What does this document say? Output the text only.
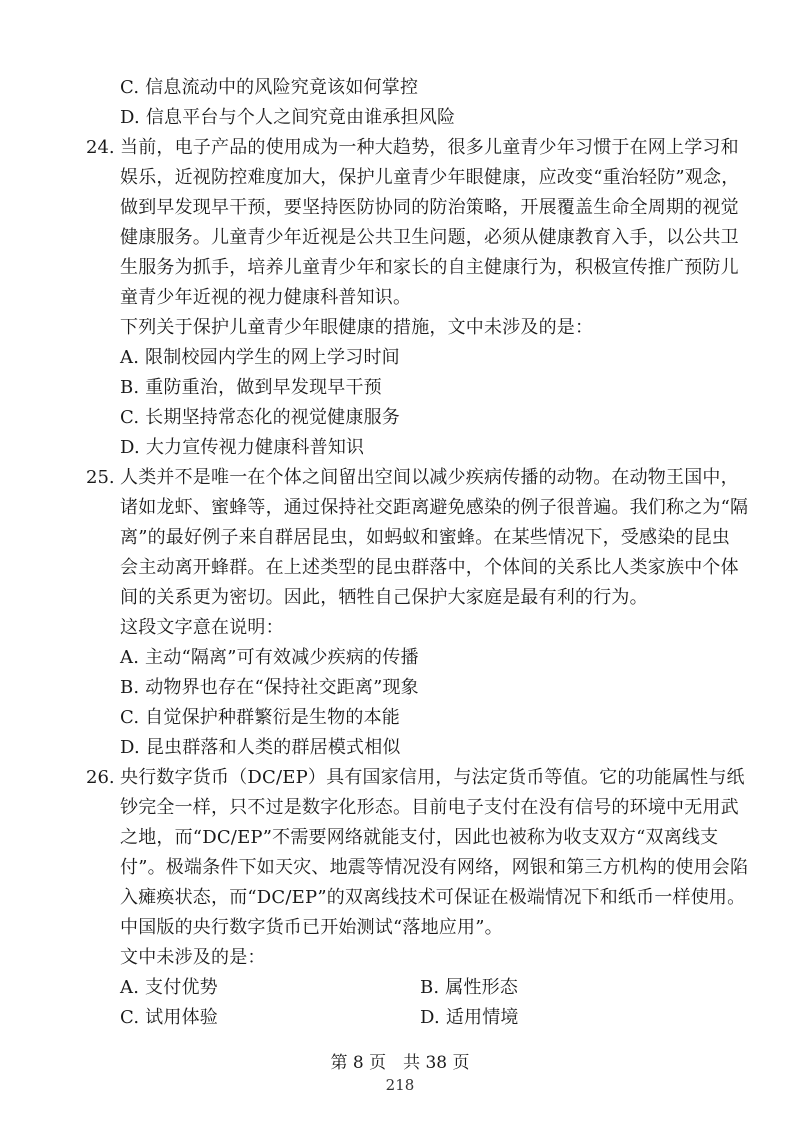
C. 信息流动中的风险究竟该如何掌控
D. 信息平台与个人之间究竟由谁承担风险
24. 当前，电子产品的使用成为一种大趋势，很多儿童青少年习惯于在网上学习和
娱乐，近视防控难度加大，保护儿童青少年眼健康，应改变“重治轻防”观念，
做到早发现早干预，要坚持医防协同的防治策略，开展覆盖生命全周期的视觉
健康服务。儿童青少年近视是公共卫生问题，必须从健康教育入手，以公共卫
生服务为抓手，培养儿童青少年和家长的自主健康行为，积极宣传推广预防儿
童青少年近视的视力健康科普知识。
下列关于保护儿童青少年眼健康的措施，文中未涉及的是：
A. 限制校园内学生的网上学习时间
B. 重防重治，做到早发现早干预
C. 长期坚持常态化的视觉健康服务
D. 大力宣传视力健康科普知识
25. 人类并不是唯一在个体之间留出空间以减少疾病传播的动物。在动物王国中，
诸如龙虾、蜜蜂等，通过保持社交距离避免感染的例子很普遍。我们称之为“隔
离”的最好例子来自群居昆虫，如蚂蚁和蜜蜂。在某些情况下，受感染的昆虫
会主动离开蜂群。在上述类型的昆虫群落中，个体间的关系比人类家族中个体
间的关系更为密切。因此，牺牲自己保护大家庭是最有利的行为。
这段文字意在说明：
A. 主动“隔离”可有效减少疾病的传播
B. 动物界也存在“保持社交距离”现象
C. 自觉保护种群繁衍是生物的本能
D. 昆虫群落和人类的群居模式相似
26. 央行数字货币（DC/EP）具有国家信用，与法定货币等值。它的功能属性与纸
钞完全一样，只不过是数字化形态。目前电子支付在没有信号的环境中无用武
之地，而“DC/EP”不需要网络就能支付，因此也被称为收支双方“双离线支
付”。极端条件下如天灾、地震等情况没有网络，网银和第三方机构的使用会陷
入瘫痪状态，而“DC/EP”的双离线技术可保证在极端情况下和纸币一样使用。
中国版的央行数字货币已开始测试“落地应用”。
文中未涉及的是：
A. 支付优势	B. 属性形态
C. 试用体验	D. 适用情境
第 8 页　共 38 页
218
